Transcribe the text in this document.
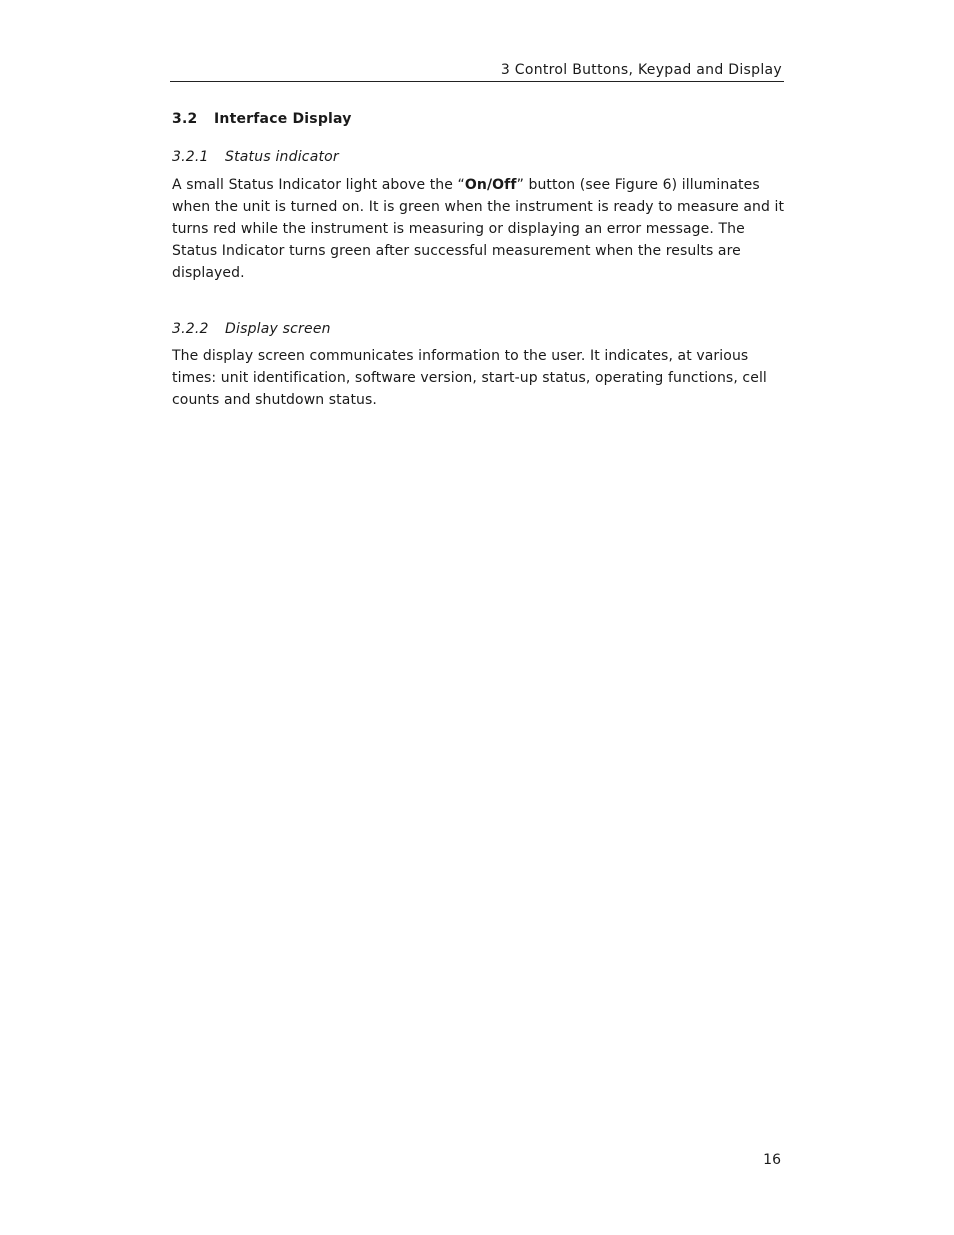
3 Control Buttons, Keypad and Display
3.2 Interface Display
3.2.1 Status indicator

A small Status Indicator light above the “On/Off” button (see Figure 6) illuminates when the unit is turned on. It is green when the instrument is ready to measure and it turns red while the instrument is measuring or displaying an error message. The Status Indicator turns green after successful measurement when the results are displayed.

3.2.2 Display screen

The display screen communicates information to the user. It indicates, at various times: unit identification, software version, start-up status, operating functions, cell counts and shutdown status.

16
